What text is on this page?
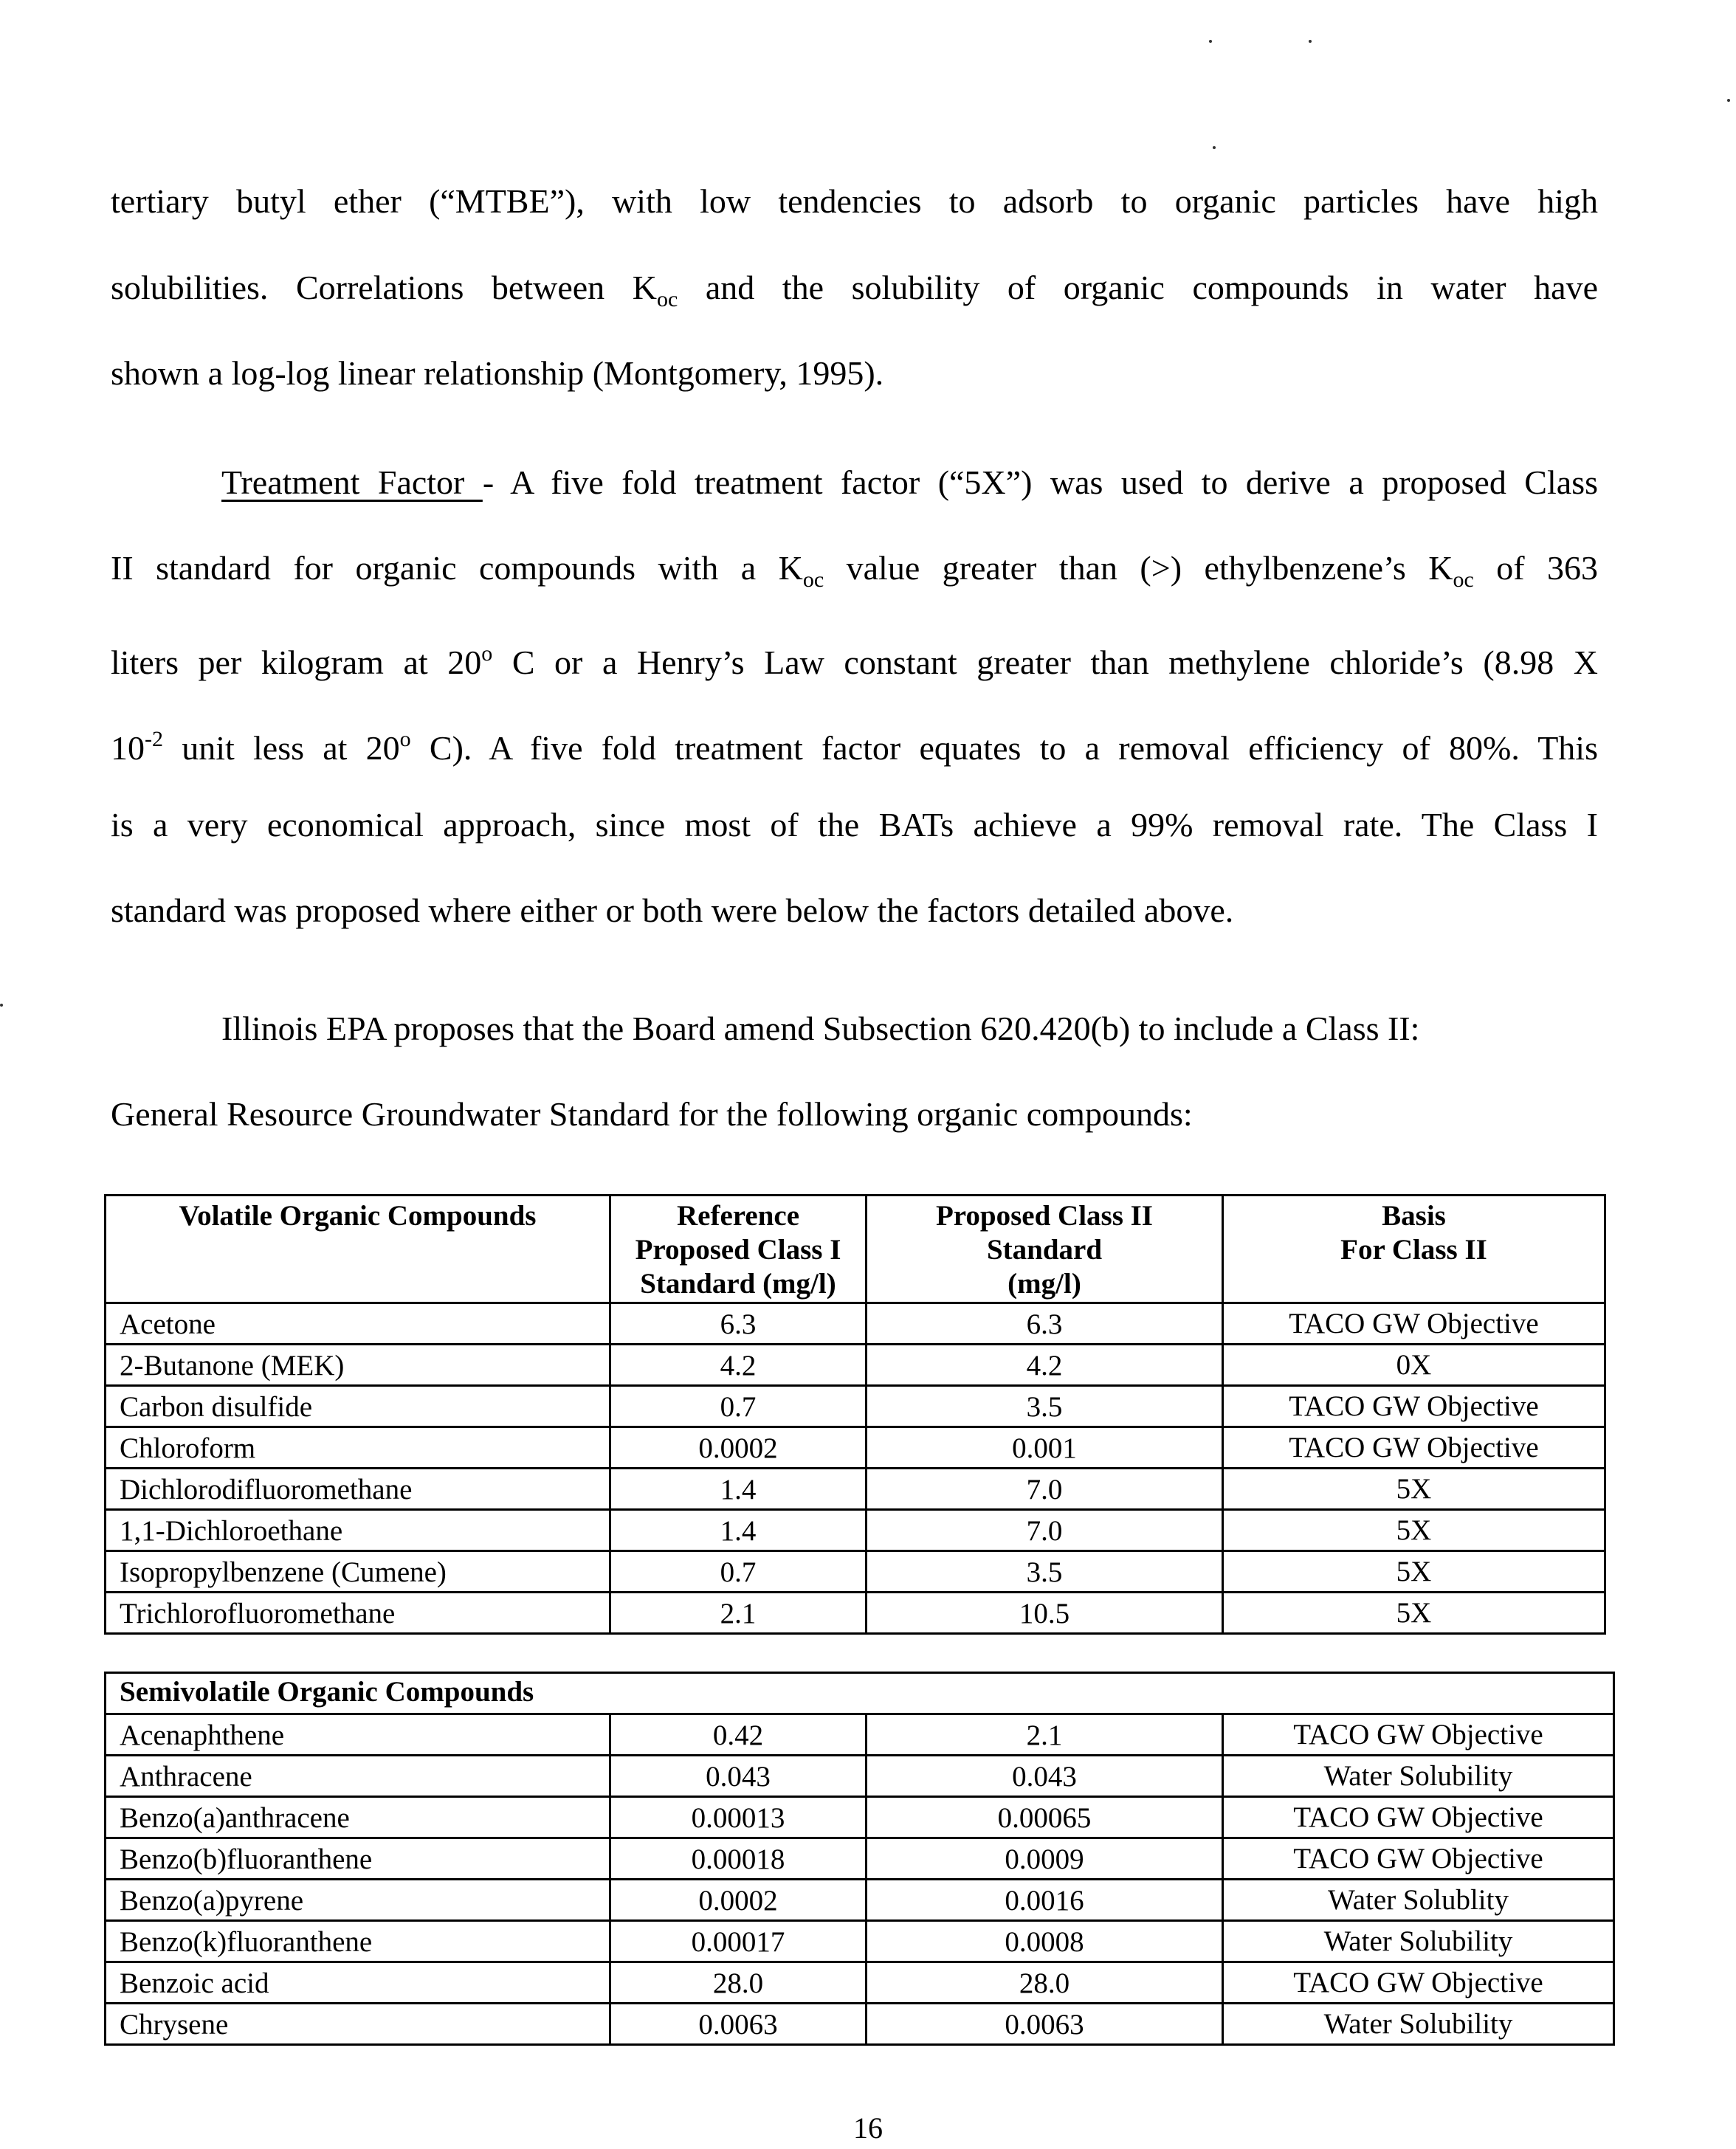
tertiary butyl ether (“MTBE”), with low tendencies to adsorb to organic particles have high
solubilities. Correlations between $K_{oc}$ and the solubility of organic compounds in water have
shown a log-log linear relationship (Montgomery, 1995).
Treatment Factor - A five fold treatment factor (“5X”) was used to derive a proposed Class
II standard for organic compounds with a $K_{oc}$ value greater than (>) ethylbenzene’s $K_{oc}$ of 363
liters per kilogram at 20$^o$ C or a Henry’s Law constant greater than methylene chloride’s (8.98 X
$10^{-2}$ unit less at 20$^o$ C). A five fold treatment factor equates to a removal efficiency of 80%. This
is a very economical approach, since most of the BATs achieve a 99% removal rate. The Class I
standard was proposed where either or both were below the factors detailed above.
Illinois EPA proposes that the Board amend Subsection 620.420(b) to include a Class II:
General Resource Groundwater Standard for the following organic compounds:
Volatile Organic Compounds	Reference
Proposed Class I
Standard (mg/l)	Proposed Class II
Standard
(mg/l)	Basis
For Class II
Acetone	6.3	6.3	TACO GW Objective
2-Butanone (MEK)	4.2	4.2	0X
Carbon disulfide	0.7	3.5	TACO GW Objective
Chloroform	0.0002	0.001	TACO GW Objective
Dichlorodifluoromethane	1.4	7.0	5X
1,1-Dichloroethane	1.4	7.0	5X
Isopropylbenzene (Cumene)	0.7	3.5	5X
Trichlorofluoromethane	2.1	10.5	5X
Semivolatile Organic Compounds			
Acenaphthene	0.42	2.1	TACO GW Objective
Anthracene	0.043	0.043	Water Solubility
Benzo(a)anthracene	0.00013	0.00065	TACO GW Objective
Benzo(b)fluoranthene	0.00018	0.0009	TACO GW Objective
Benzo(a)pyrene	0.0002	0.0016	Water Solublity
Benzo(k)fluoranthene	0.00017	0.0008	Water Solubility
Benzoic acid	28.0	28.0	TACO GW Objective
Chrysene	0.0063	0.0063	Water Solubility
16
